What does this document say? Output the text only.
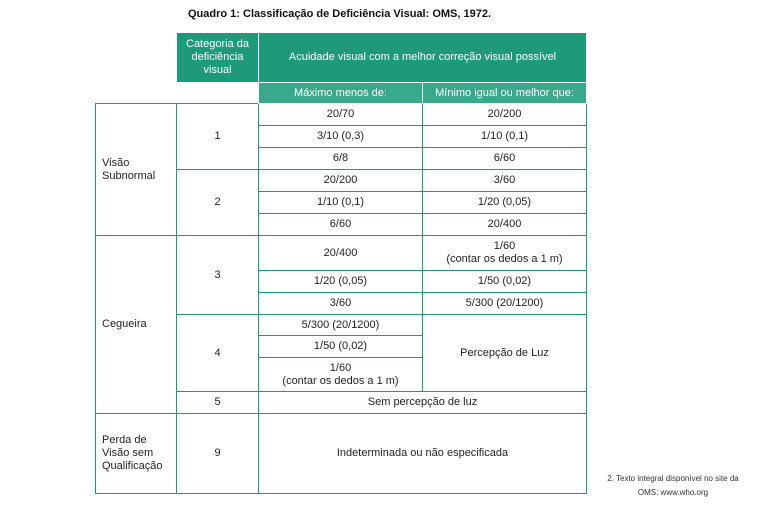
Quadro 1: Classificação de Deficiência Visual: OMS, 1972.
	Categoria da
deficiência
visual	Acuidade visual com a melhor correção visual possível	
		Máximo menos de:	Mínimo igual ou melhor que:
Visão
Subnormal	1	20/70	20/200
		3/10 (0,3)	1/10 (0,1)
		6/8	6/60
	2	20/200	3/60
		1/10 (0,1)	1/20 (0,05)
		6/60	20/400
Cegueira	3	20/400	1/60
(contar os dedos a 1 m)
		1/20 (0,05)	1/50 (0,02)
		3/60	5/300 (20/1200)
	4	5/300 (20/1200)	Percepção de Luz
		1/50 (0,02)	
		1/60
(contar os dedos a 1 m)	
	5	Sem percepção de luz	
Perda de
Visão sem
Qualificação	9	Indeterminada ou não especificada	
2. Texto integral disponível no site da OMS: www.who.org
